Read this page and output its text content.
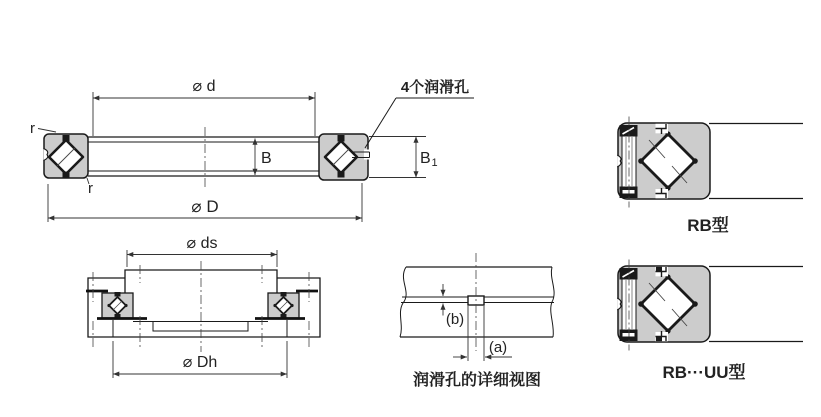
⌀ d
⌀ D
B	B 1
r
r
4个润滑孔
⌀ ds
⌀ Dh
(b)
(a)
润滑孔的详细视图
RB型
RB···UU型
